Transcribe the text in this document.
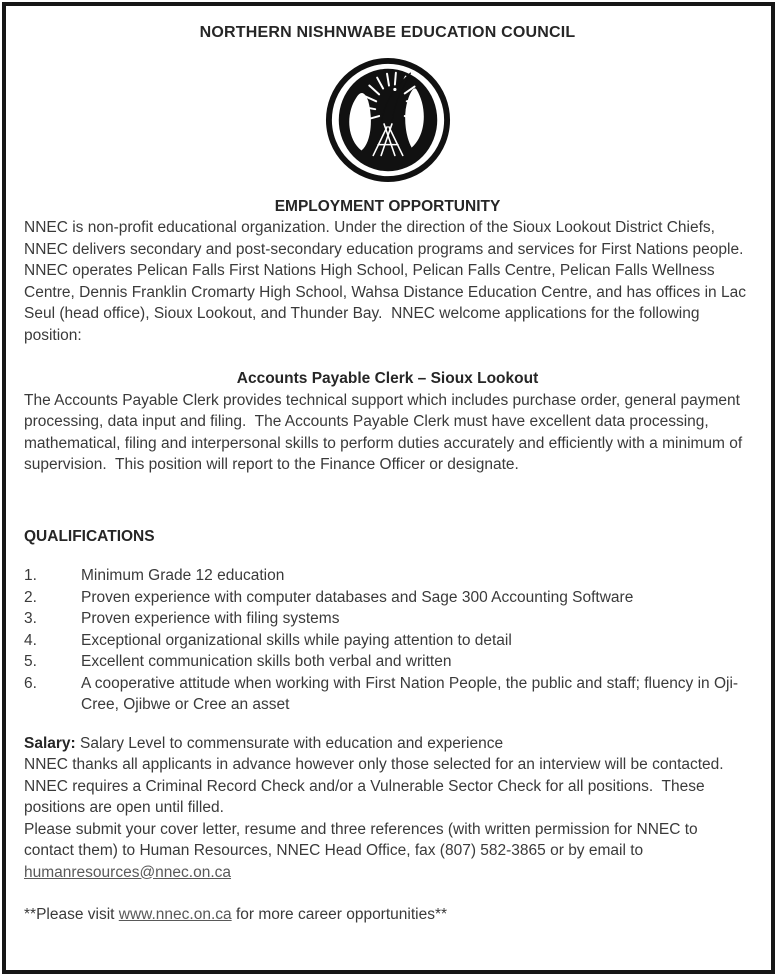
NORTHERN NISHNWABE EDUCATION COUNCIL
EMPLOYMENT OPPORTUNITY

NNEC is non-profit educational organization. Under the direction of the Sioux Lookout District Chiefs, NNEC delivers secondary and post-secondary education programs and services for First Nations people. NNEC operates Pelican Falls First Nations High School, Pelican Falls Centre, Pelican Falls Wellness Centre, Dennis Franklin Cromarty High School, Wahsa Distance Education Centre, and has offices in Lac Seul (head office), Sioux Lookout, and Thunder Bay.  NNEC welcome applications for the following position:

Accounts Payable Clerk – Sioux Lookout

The Accounts Payable Clerk provides technical support which includes purchase order, general payment processing, data input and filing.  The Accounts Payable Clerk must have excellent data processing, mathematical, filing and interpersonal skills to perform duties accurately and efficiently with a minimum of supervision.  This position will report to the Finance Officer or designate.

QUALIFICATIONS
1.	Minimum Grade 12 education
2.	Proven experience with computer databases and Sage 300 Accounting Software
3.	Proven experience with filing systems
4.	Exceptional organizational skills while paying attention to detail
5.	Excellent communication skills both verbal and written
6.	A cooperative attitude when working with First Nation People, the public and staff; fluency in Oji-Cree, Ojibwe or Cree an asset
Salary: Salary Level to commensurate with education and experience

NNEC thanks all applicants in advance however only those selected for an interview will be contacted. NNEC requires a Criminal Record Check and/or a Vulnerable Sector Check for all positions.  These positions are open until filled.

Please submit your cover letter, resume and three references (with written permission for NNEC to contact them) to Human Resources, NNEC Head Office, fax (807) 582-3865 or by email to humanresources@nnec.on.ca

**Please visit www.nnec.on.ca for more career opportunities**
